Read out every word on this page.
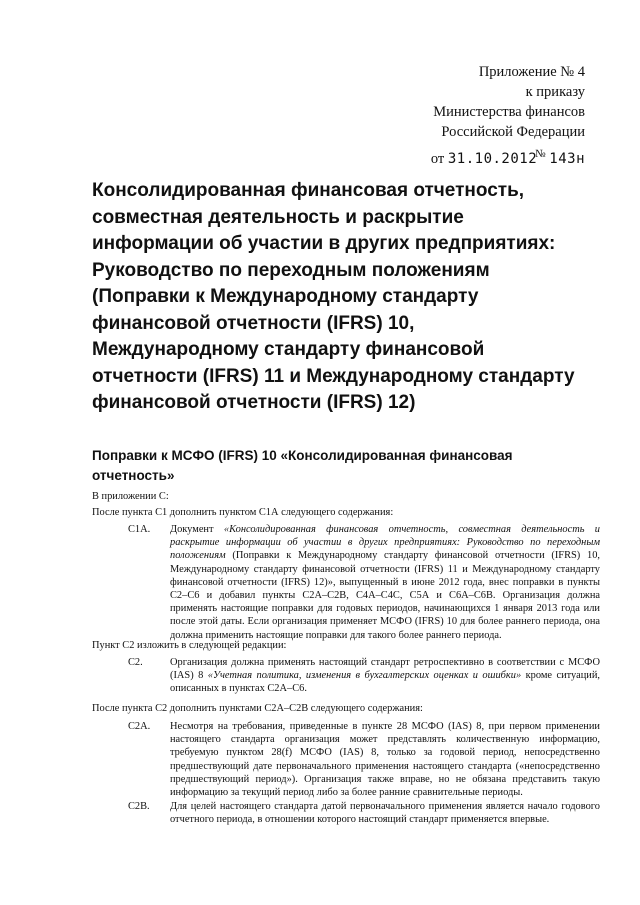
Приложение № 4
к приказу
Министерства финансов
Российской Федерации
от 31.10.2012№ 143н
Консолидированная финансовая отчетность,
совместная деятельность и раскрытие
информации об участии в других предприятиях:
Руководство по переходным положениям
(Поправки к Международному стандарту
финансовой отчетности (IFRS) 10,
Международному стандарту финансовой
отчетности (IFRS) 11 и Международному стандарту
финансовой отчетности (IFRS) 12)
Поправки к МСФО (IFRS) 10 «Консолидированная финансовая
отчетность»
В приложении С:
После пункта С1 дополнить пунктом С1А следующего содержания:
С1А. Документ «Консолидированная финансовая отчетность, совместная деятельность и раскрытие информации об участии в других предприятиях: Руководство по переходным положениям (Поправки к Международному стандарту финансовой отчетности (IFRS) 10, Международному стандарту финансовой отчетности (IFRS) 11 и Международному стандарту финансовой отчетности (IFRS) 12)», выпущенный в июне 2012 года, внес поправки в пункты С2–С6 и добавил пункты С2А–С2В, С4А–С4С, С5А и С6А–С6В. Организация должна применять настоящие поправки для годовых периодов, начинающихся 1 января 2013 года или после этой даты. Если организация применяет МСФО (IFRS) 10 для более раннего периода, она должна применить настоящие поправки для такого более раннего периода.
Пункт С2 изложить в следующей редакции:
С2.	Организация должна применять настоящий стандарт ретроспективно в соответствии с МСФО (IAS) 8 «Учетная политика, изменения в бухгалтерских оценках и ошибки» кроме ситуаций, описанных в пунктах С2А–С6.
После пункта С2 дополнить пунктами С2А–С2В следующего содержания:
С2А. Несмотря на требования, приведенные в пункте 28 МСФО (IAS) 8, при первом применении настоящего стандарта организация может представлять количественную информацию, требуемую пунктом 28(f) МСФО (IAS) 8, только за годовой период, непосредственно предшествующий дате первоначального применения настоящего стандарта («непосредственно предшествующий период»). Организация также вправе, но не обязана представить такую информацию за текущий период либо за более ранние сравнительные периоды.
С2В. Для целей настоящего стандарта датой первоначального применения является начало годового отчетного периода, в отношении которого настоящий стандарт применяется впервые.
